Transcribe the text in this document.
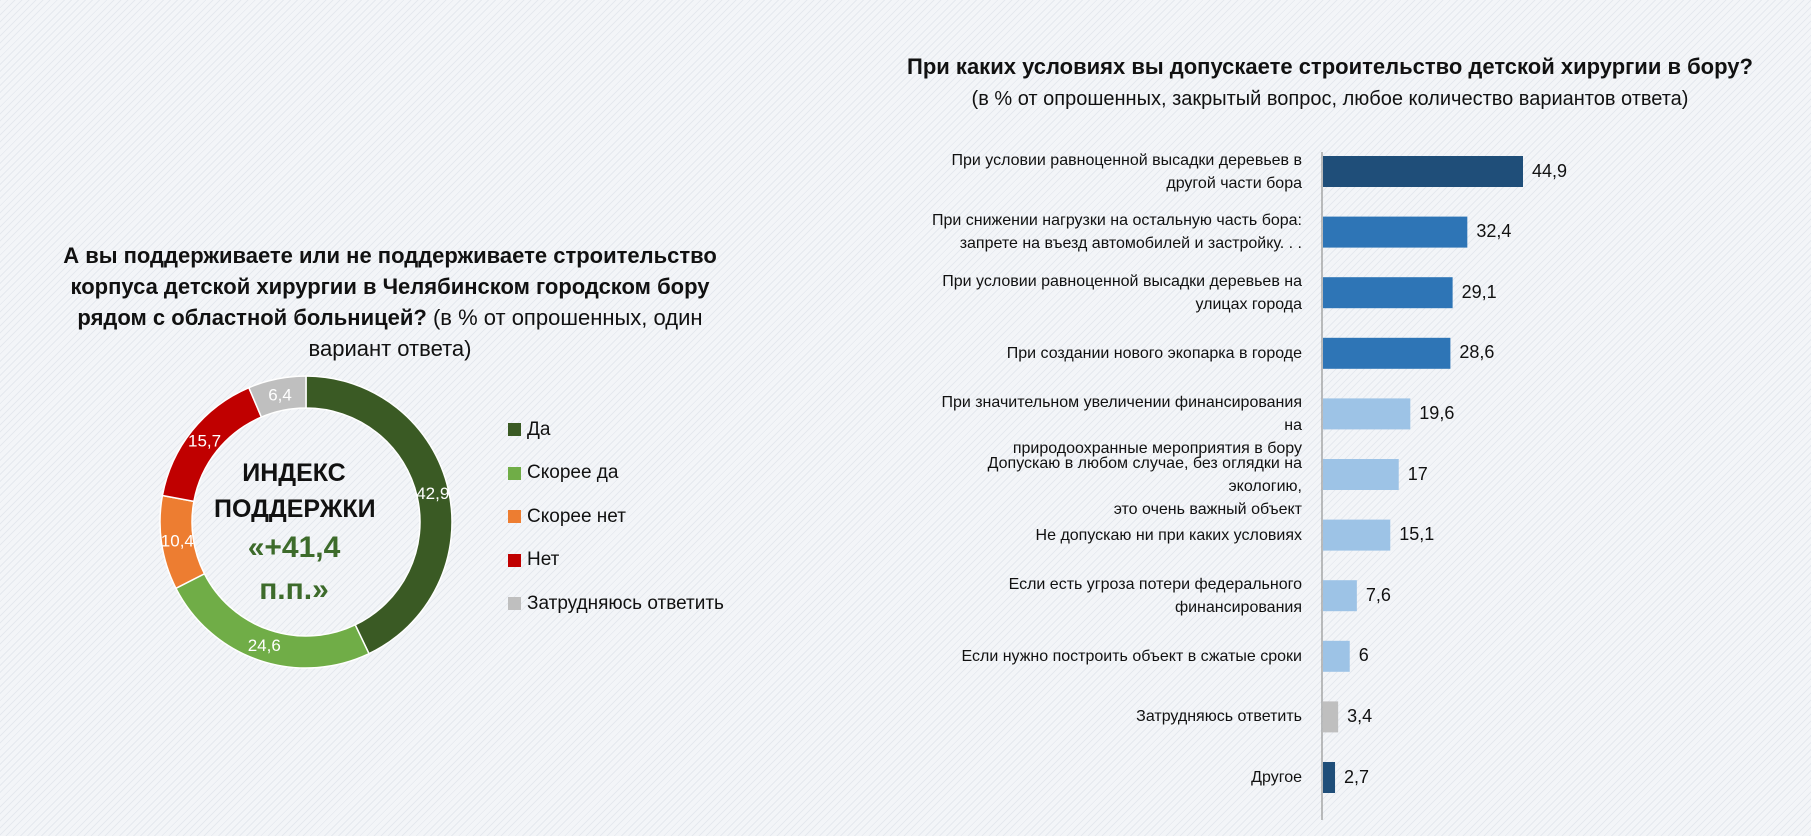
А вы поддерживаете или не поддерживаете строительство корпуса детской хирургии в Челябинском городском бору рядом с областной больницей? (в % от опрошенных, один вариант ответа)
При каких условиях вы допускаете строительство детской хирургии в бору?
(в % от опрошенных, закрытый вопрос, любое количество вариантов ответа)
42,9
24,6
10,4
15,7
6,4
ИНДЕКС
ПОДДЕРЖКИ
«+41,4 п.п.»
Да
Скорее да
Скорее нет
Нет
Затрудняюсь ответить
При условии равноценной высадки деревьев в
другой части бора
При снижении нагрузки на остальную часть бора:
запрете на въезд автомобилей и застройку. . .
При условии равноценной высадки деревьев на
улицах города
При создании нового экопарка в городе
При значительном увеличении финансирования на
природоохранные мероприятия в бору
Допускаю в любом случае, без оглядки на экологию,
это очень важный объект
Не допускаю ни при каких условиях
Если есть угроза потери федерального
финансирования
Если нужно построить объект в сжатые сроки
Затрудняюсь ответить
Другое
44,9
32,4
29,1
28,6
19,6
17
15,1
7,6
6
3,4
2,7
